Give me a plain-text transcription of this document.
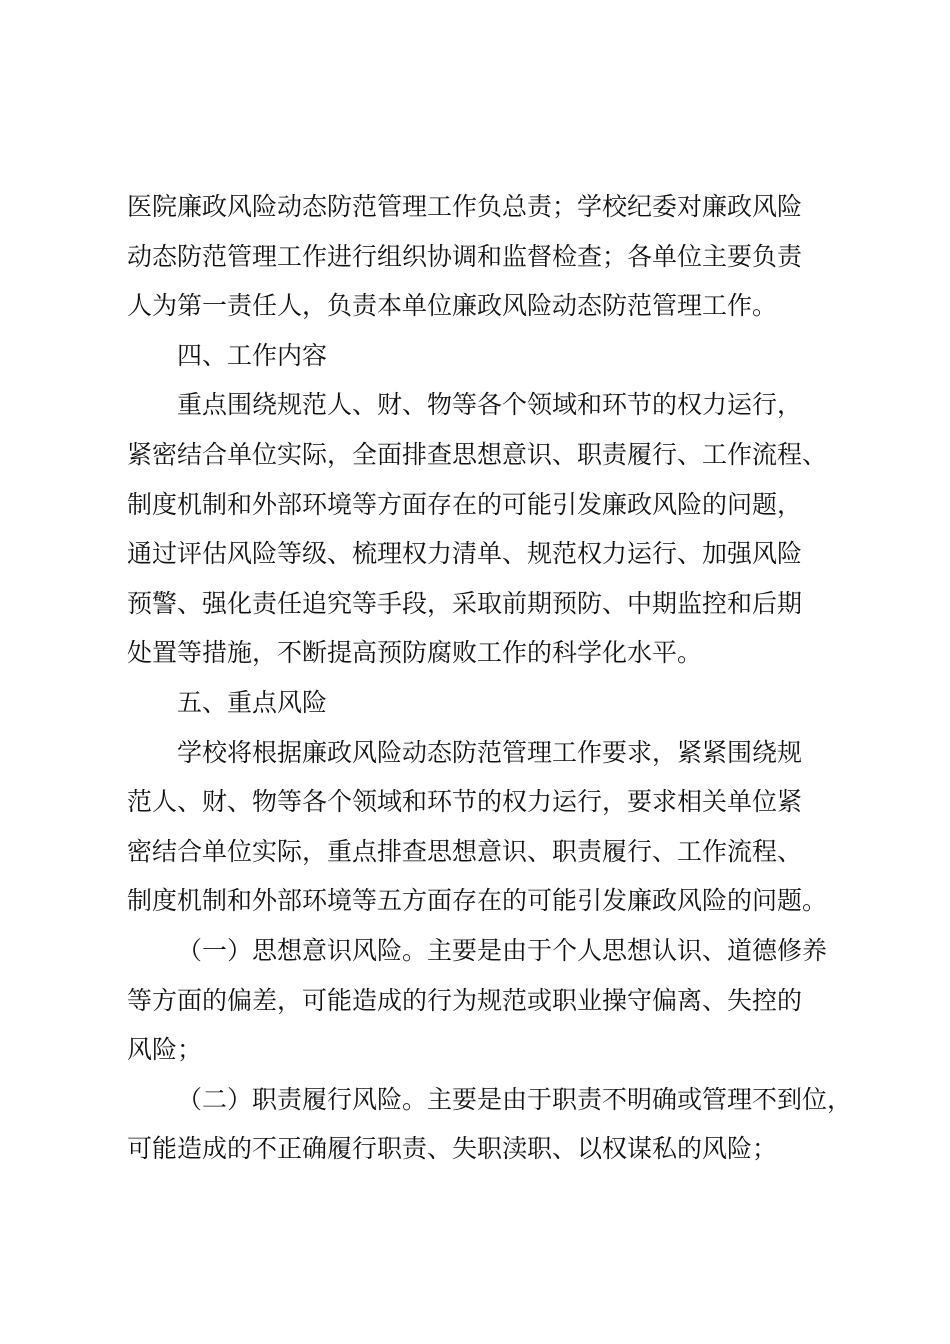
医院廉政风险动态防范管理工作负总责；学校纪委对廉政风险
动态防范管理工作进行组织协调和监督检查；各单位主要负责
人为第一责任人，负责本单位廉政风险动态防范管理工作。
四、工作内容
重点围绕规范人、财、物等各个领域和环节的权力运行，
紧密结合单位实际，全面排查思想意识、职责履行、工作流程、
制度机制和外部环境等方面存在的可能引发廉政风险的问题，
通过评估风险等级、梳理权力清单、规范权力运行、加强风险
预警、强化责任追究等手段，采取前期预防、中期监控和后期
处置等措施，不断提高预防腐败工作的科学化水平。
五、重点风险
学校将根据廉政风险动态防范管理工作要求，紧紧围绕规
范人、财、物等各个领域和环节的权力运行，要求相关单位紧
密结合单位实际，重点排查思想意识、职责履行、工作流程、
制度机制和外部环境等五方面存在的可能引发廉政风险的问题。
（一）思想意识风险。主要是由于个人思想认识、道德修养
等方面的偏差，可能造成的行为规范或职业操守偏离、失控的
风险；
（二）职责履行风险。主要是由于职责不明确或管理不到位，
可能造成的不正确履行职责、失职渎职、以权谋私的风险；
